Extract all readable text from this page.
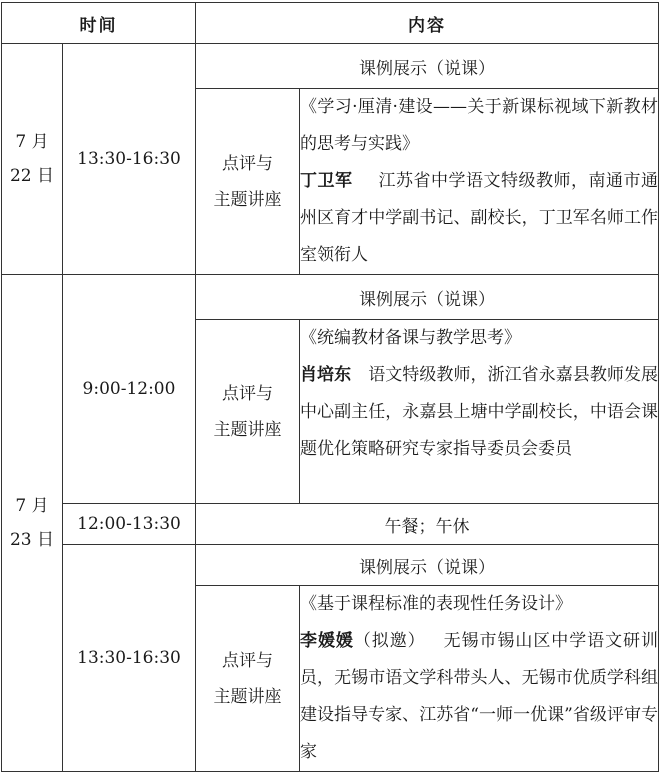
时间		内容	

7 月
22 日	13:30-16:30	课例展示（说课）	

		点评与
主题讲座	《学习·厘清·建设——关于新课标视域下新教材的思考与实践》
丁卫军   江苏省中学语文特级教师，南通市通州区育才中学副书记、副校长，丁卫军名师工作室领衔人

7 月
23 日	9:00-12:00	课例展示（说课）	

		点评与
主题讲座	《统编教材备课与教学思考》
肖培东  语文特级教师，浙江省永嘉县教师发展中心副主任，永嘉县上塘中学副校长，中语会课题优化策略研究专家指导委员会委员
	12:00-13:30	午餐；午休	
	13:30-16:30	课例展示（说课）	

		点评与
主题讲座	《基于课程标准的表现性任务设计》
李媛媛（拟邀）  无锡市锡山区中学语文研训员，无锡市语文学科带头人、无锡市优质学科组建设指导专家、江苏省“一师一优课”省级评审专家
